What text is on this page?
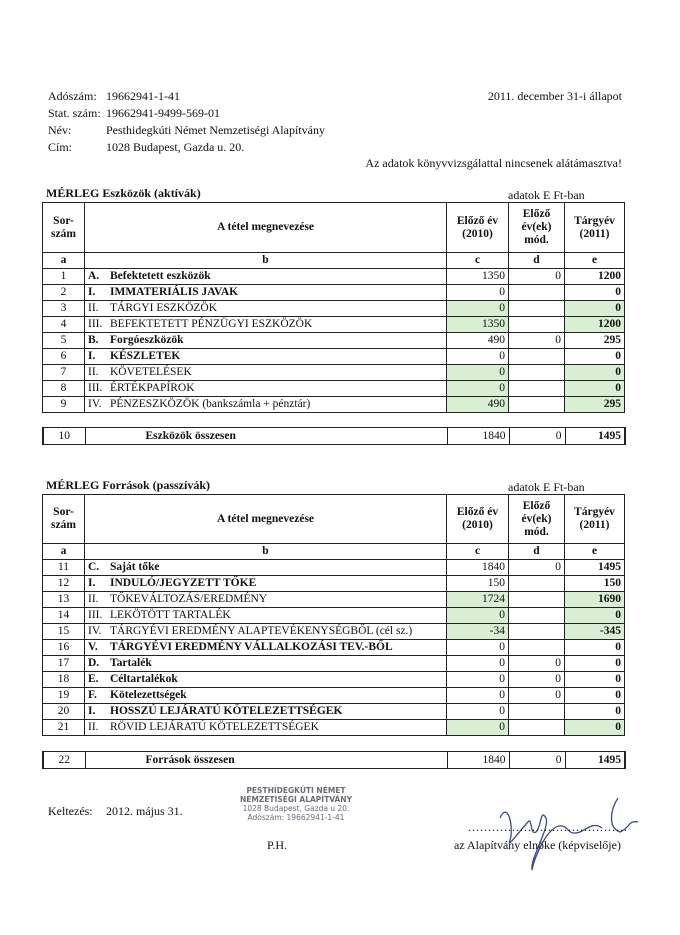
Adószám: 19662941-1-41
Stat. szám: 19662941-9499-569-01
Név:	Pesthidegkúti Német Nemzetiségi Alapítvány
Cím:	1028 Budapest, Gazda u. 20.
2011. december 31-i állapot
Az adatok könyvvizsgálattal nincsenek alátámasztva!
MÉRLEG Eszközök (aktívák)	adatok E Ft-ban
Sor- szám	A tétel megnevezése	Előző év (2010)	Előző év(ek) mód.	Tárgyév (2011)
a	b	c	d	e
1	A. Befektetett eszközök	1350	0	1200
2	I. IMMATERIÁLIS JAVAK	0		0
3	II. TÁRGYI ESZKÖZÖK	0		0
4	III. BEFEKTETETT PÉNZÜGYI ESZKÖZÖK	1350		1200
5	B. Forgóeszközök	490	0	295
6	I. KÉSZLETEK	0		0
7	II. KÖVETELÉSEK	0		0
8	III. ÉRTÉKPAPÍROK	0		0
9	IV. PÉNZESZKÖZÖK (bankszámla + pénztár)	490		295
10	Eszközök összesen	1840	0	1495
MÉRLEG Források (passzívák)	adatok E Ft-ban
Sor- szám	A tétel megnevezése	Előző év (2010)	Előző év(ek) mód.	Tárgyév (2011)
a	b	c	d	e
11	C. Saját tőke	1840	0	1495
12	I. INDULÓ/JEGYZETT TŐKE	150		150
13	II. TŐKEVÁLTOZÁS/EREDMÉNY	1724		1690
14	III. LEKÖTÖTT TARTALÉK	0		0
15	IV. TÁRGYÉVI EREDMÉNY ALAPTEVÉKENYSÉGBŐL (cél sz.)	-34		-345
16	V. TÁRGYÉVI EREDMÉNY VÁLLALKOZÁSI TEV.-BŐL	0		0
17	D. Tartalék	0	0	0
18	E. Céltartalékok	0	0	0
19	F. Kötelezettségek	0	0	0
20	I. HOSSZÚ LEJÁRATÚ KÖTELEZETTSÉGEK	0		0
21	II. RÖVID LEJÁRATÚ KÖTELEZETTSÉGEK	0		0
22	Források összesen	1840	0	1495
Keltezés: 2012. május 31.
PESTHIDEGKÚTI NÉMET
NEMZETISÉGI ALAPÍTVÁNY
1028 Budapest, Gazda u 20.
Adószám: 19662941-1-41
P.H.
........................................
az Alapítvány elnöke (képviselője)
